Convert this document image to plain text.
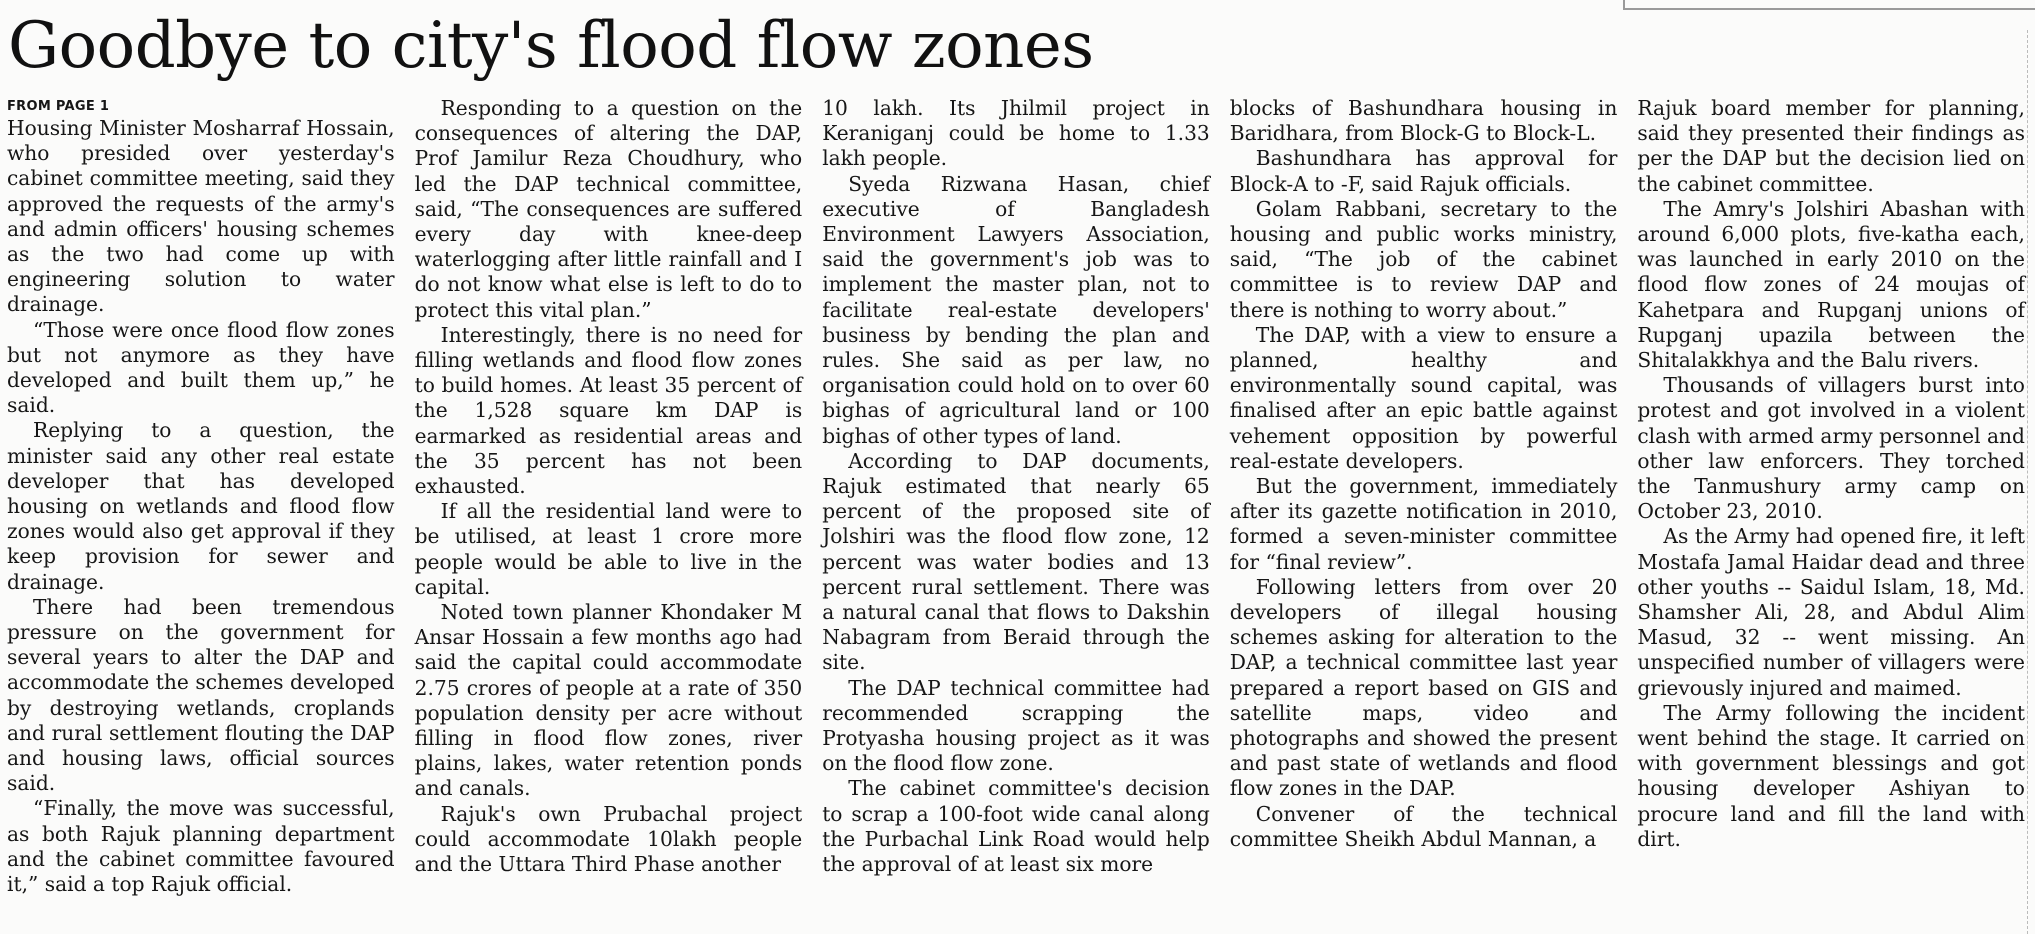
Goodbye to city's flood flow zones
FROM PAGE 1

Housing Minister Mosharraf Hossain, who presided over yesterday's cabinet committee meeting, said they approved the requests of the army's and admin officers' housing schemes as the two had come up with engineering solution to water drainage.

“Those were once flood flow zones but not anymore as they have developed and built them up,” he said.

Replying to a question, the minister said any other real estate developer that has developed housing on wetlands and flood flow zones would also get approval if they keep provision for sewer and drainage.

There had been tremendous pressure on the government for several years to alter the DAP and accommodate the schemes developed by destroying wetlands, croplands and rural settlement flouting the DAP and housing laws, official sources said.

“Finally, the move was successful, as both Rajuk planning department and the cabinet committee favoured it,” said a top Rajuk official.

Responding to a question on the consequences of altering the DAP, Prof Jamilur Reza Choudhury, who led the DAP technical committee, said, “The consequences are suffered every day with knee-deep waterlogging after little rainfall and I do not know what else is left to do to protect this vital plan.”

Interestingly, there is no need for filling wetlands and flood flow zones to build homes. At least 35 percent of the 1,528 square km DAP is earmarked as residential areas and the 35 percent has not been exhausted.

If all the residential land were to be utilised, at least 1 crore more people would be able to live in the capital.

Noted town planner Khondaker M Ansar Hossain a few months ago had said the capital could accommodate 2.75 crores of people at a rate of 350 population density per acre without filling in flood flow zones, river plains, lakes, water retention ponds and canals.

Rajuk's own Prubachal project could accommodate 10lakh people and the Uttara Third Phase another

10 lakh. Its Jhilmil project in Keraniganj could be home to 1.33 lakh people.

Syeda Rizwana Hasan, chief executive of Bangladesh Environment Lawyers Association, said the government's job was to implement the master plan, not to facilitate real-estate developers' business by bending the plan and rules. She said as per law, no organisation could hold on to over 60 bighas of agricultural land or 100 bighas of other types of land.

According to DAP documents, Rajuk estimated that nearly 65 percent of the proposed site of Jolshiri was the flood flow zone, 12 percent was water bodies and 13 percent rural settlement. There was a natural canal that flows to Dakshin Nabagram from Beraid through the site.

The DAP technical committee had recommended scrapping the Protyasha housing project as it was on the flood flow zone.

The cabinet committee's decision to scrap a 100-foot wide canal along the Purbachal Link Road would help the approval of at least six more

blocks of Bashundhara housing in Baridhara, from Block-G to Block-L.

Bashundhara has approval for Block-A to -F, said Rajuk officials.

Golam Rabbani, secretary to the housing and public works ministry, said, “The job of the cabinet committee is to review DAP and there is nothing to worry about.”

The DAP, with a view to ensure a planned, healthy and environmentally sound capital, was finalised after an epic battle against vehement opposition by powerful real-estate developers.

But the government, immediately after its gazette notification in 2010, formed a seven-minister committee for “final review”.

Following letters from over 20 developers of illegal housing schemes asking for alteration to the DAP, a technical committee last year prepared a report based on GIS and satellite maps, video and photographs and showed the present and past state of wetlands and flood flow zones in the DAP.

Convener of the technical committee Sheikh Abdul Mannan, a

Rajuk board member for planning, said they presented their findings as per the DAP but the decision lied on the cabinet committee.

The Amry's Jolshiri Abashan with around 6,000 plots, five-katha each, was launched in early 2010 on the flood flow zones of 24 moujas of Kahetpara and Rupganj unions of Rupganj upazila between the Shitalakkhya and the Balu rivers.

Thousands of villagers burst into protest and got involved in a violent clash with armed army personnel and other law enforcers. They torched the Tanmushury army camp on October 23, 2010.

As the Army had opened fire, it left Mostafa Jamal Haidar dead and three other youths -- Saidul Islam, 18, Md. Shamsher Ali, 28, and Abdul Alim Masud, 32 -- went missing. An unspecified number of villagers were grievously injured and maimed.

The Army following the incident went behind the stage. It carried on with government blessings and got housing developer Ashiyan to procure land and fill the land with dirt.
